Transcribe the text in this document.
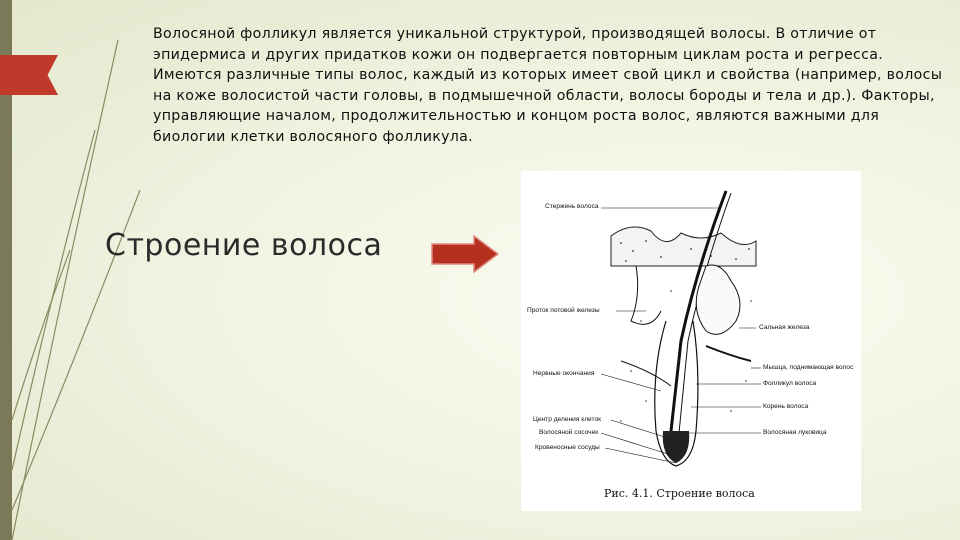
Волосяной фолликул является уникальной структурой, производящей волосы. В отличие от эпидермиса и других придатков кожи он подвергается повторным циклам роста и регресса. Имеются различные типы волос, каждый из которых имеет свой цикл и свойства (например, волосы на коже волосистой части головы, в подмышечной области, волосы бороды и тела и др.). Факторы, управляющие началом, продолжительностью и концом роста волос, являются важными для биологии клетки волосяного фолликула.
Строение волоса
Стержень волоса
Проток потовой железы
Нервные окончания
Центр деления клеток
Волосяной сосочек
Кровеносные сосуды
Сальная железа
Мышца, поднимающая волос
Фолликул волоса
Корень волоса
Волосяная луковица
Рис. 4.1. Строение волоса
